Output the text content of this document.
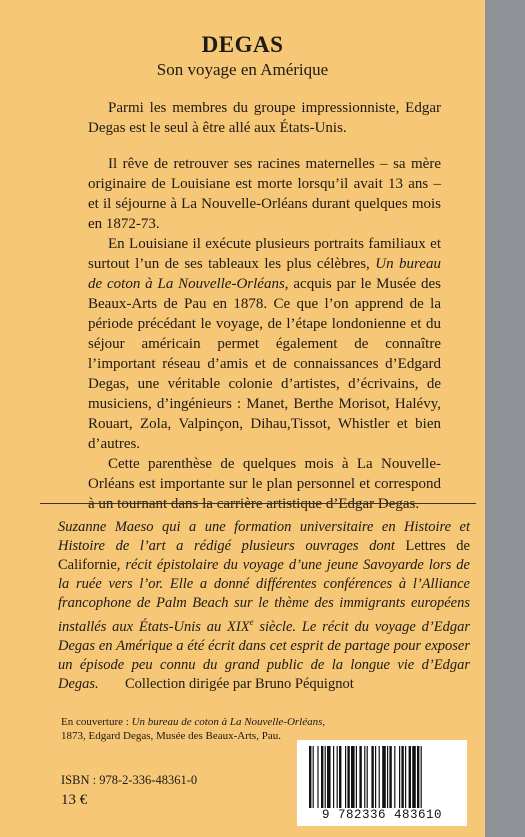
DEGAS
Son voyage en Amérique

Parmi les membres du groupe impressionniste, Edgar Degas est le seul à être allé aux États-Unis.

Il rêve de retrouver ses racines maternelles – sa mère originaire de Louisiane est morte lorsqu’il avait 13 ans – et il séjourne à La Nouvelle-Orléans durant quelques mois en 1872-73.

En Louisiane il exécute plusieurs portraits familiaux et surtout l’un de ses tableaux les plus célèbres, Un bureau de coton à La Nouvelle-Orléans, acquis par le Musée des Beaux-Arts de Pau en 1878. Ce que l’on apprend de la période précédant le voyage, de l’étape londonienne et du séjour américain permet également de connaître l’important réseau d’amis et de connaissances d’Edgard Degas, une véritable colonie d’artistes, d’écrivains, de musiciens, d’ingénieurs : Manet, Berthe Morisot, Halévy, Rouart, Zola, Valpinçon, Dihau,Tissot, Whistler et bien d’autres.

Cette parenthèse de quelques mois à La Nouvelle-Orléans est importante sur le plan personnel et correspond à un tournant dans la carrière artistique d’Edgar Degas.

Suzanne Maeso qui a une formation universitaire en Histoire et Histoire de l’art a rédigé plusieurs ouvrages dont Lettres de Californie, récit épistolaire du voyage d’une jeune Savoyarde lors de la ruée vers l’or. Elle a donné différentes conférences à l’Alliance francophone de Palm Beach sur le thème des immigrants européens installés aux États-Unis au XIXe siècle. Le récit du voyage d’Edgar Degas en Amérique a été écrit dans cet esprit de partage pour exposer un épisode peu connu du grand public de la longue vie d’Edgar Degas.	Collection dirigée par Bruno Péquignot
En couverture : Un bureau de coton à La Nouvelle-Orléans, 1873, Edgard Degas, Musée des Beaux-Arts, Pau.
ISBN : 978-2-336-48361-0
13 €
9 782336 483610
